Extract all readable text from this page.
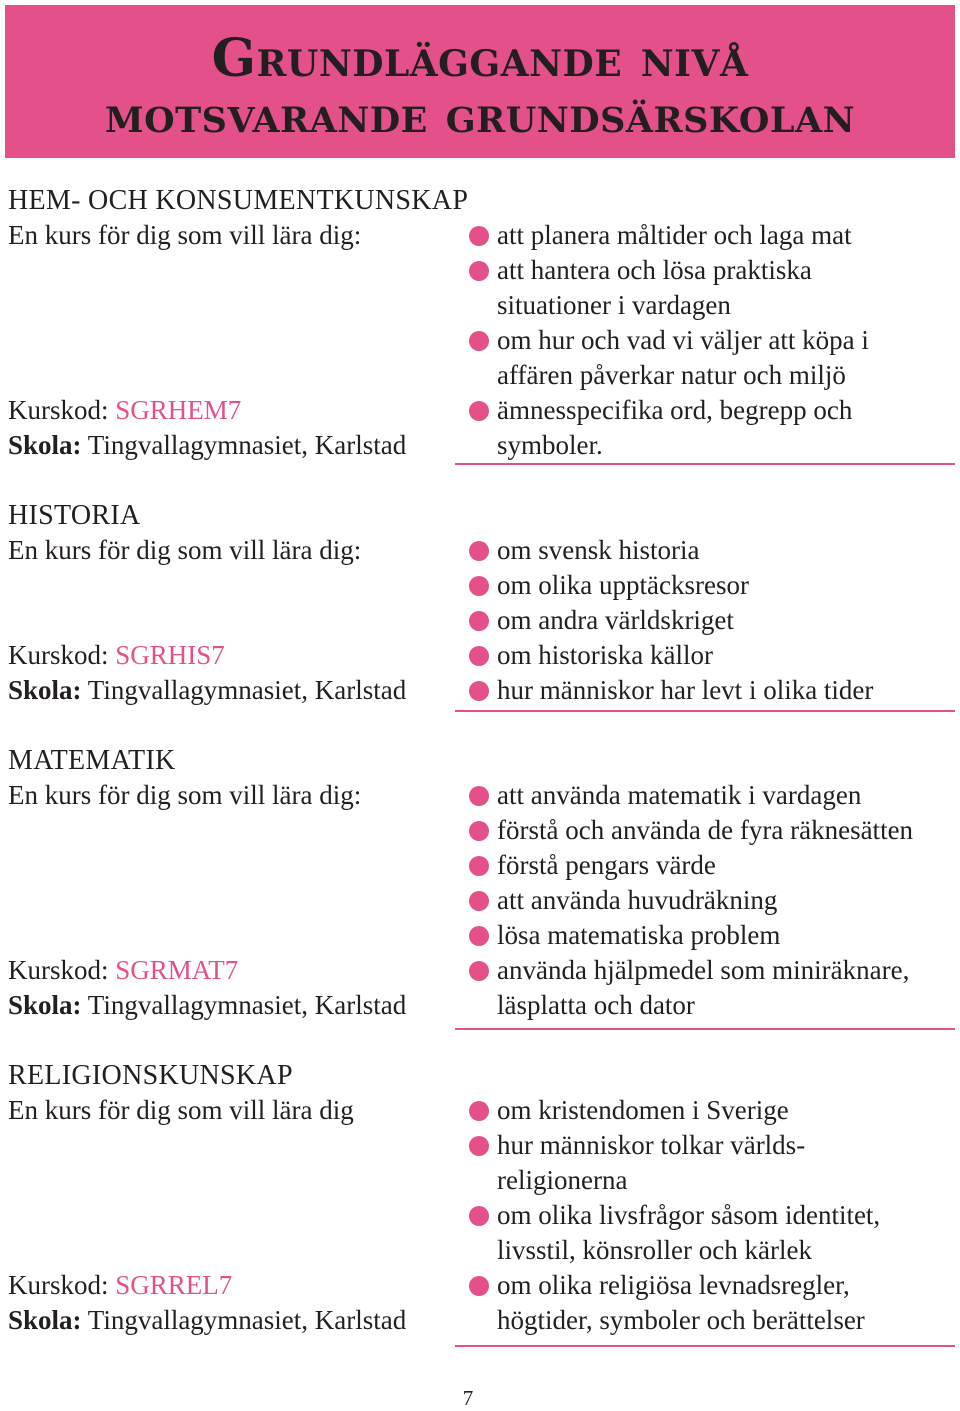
Grundläggande nivå
motsvarande grundsärskolan
HEM- OCH KONSUMENTKUNSKAP
En kurs för dig som vill lära dig:
Kurskod: SGRHEM7
Skola: Tingvallagymnasiet, Karlstad
att planera måltider och laga mat
att hantera och lösa praktiska
situationer i vardagen
om hur och vad vi väljer att köpa i
affären påverkar natur och miljö
ämnesspecifika ord, begrepp och
symboler.
HISTORIA
En kurs för dig som vill lära dig:
Kurskod: SGRHIS7
Skola: Tingvallagymnasiet, Karlstad
om svensk historia
om olika upptäcksresor
om andra världskriget
om historiska källor
hur människor har levt i olika tider
MATEMATIK
En kurs för dig som vill lära dig:
Kurskod: SGRMAT7
Skola: Tingvallagymnasiet, Karlstad
att använda matematik i vardagen
förstå och använda de fyra räknesätten
förstå pengars värde
att använda huvudräkning
lösa matematiska problem
använda hjälpmedel som miniräknare,
läsplatta och dator
RELIGIONSKUNSKAP
En kurs för dig som vill lära dig
Kurskod: SGRREL7
Skola: Tingvallagymnasiet, Karlstad
om kristendomen i Sverige
hur människor tolkar världs-
religionerna
om olika livsfrågor såsom identitet,
livsstil, könsroller och kärlek
om olika religiösa levnadsregler,
högtider, symboler och berättelser
7
